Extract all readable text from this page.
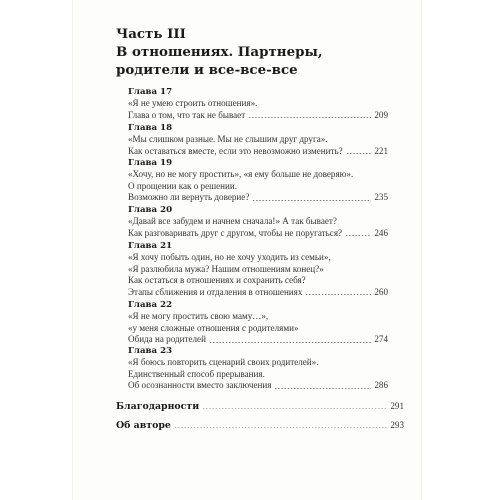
Часть III
В отношениях. Партнеры,
родители и все-все-все
Глава 17
«Я не умею строить отношения».
Глава о том, что так не бывает	209
Глава 18
«Мы слишком разные. Мы не слышим друг друга».
Как оставаться вместе, если это невозможно изменить?	221
Глава 19
«Хочу, но не могу простить», «я ему больше не доверяю».
О прощении как о решении.
Возможно ли вернуть доверие?	235
Глава 20
«Давай все забудем и начнем сначала!» А так бывает?
Как разговаривать друг с другом, чтобы не поругаться?	246
Глава 21
«Я хочу побыть один, но не хочу уходить из семьи»,
«Я разлюбила мужа? Нашим отношениям конец?»
Как остаться в отношениях и сохранить себя?
Этапы сближения и отдаления в отношениях	260
Глава 22
«Я не могу простить свою маму…»,
«у меня сложные отношения с родителями»
Обида на родителей	274
Глава 23
«Я боюсь повторить сценарий своих родителей».
Единственный способ прерывания.
Об осознанности вместо заключения	286
Благодарности	291
Об авторе	293
